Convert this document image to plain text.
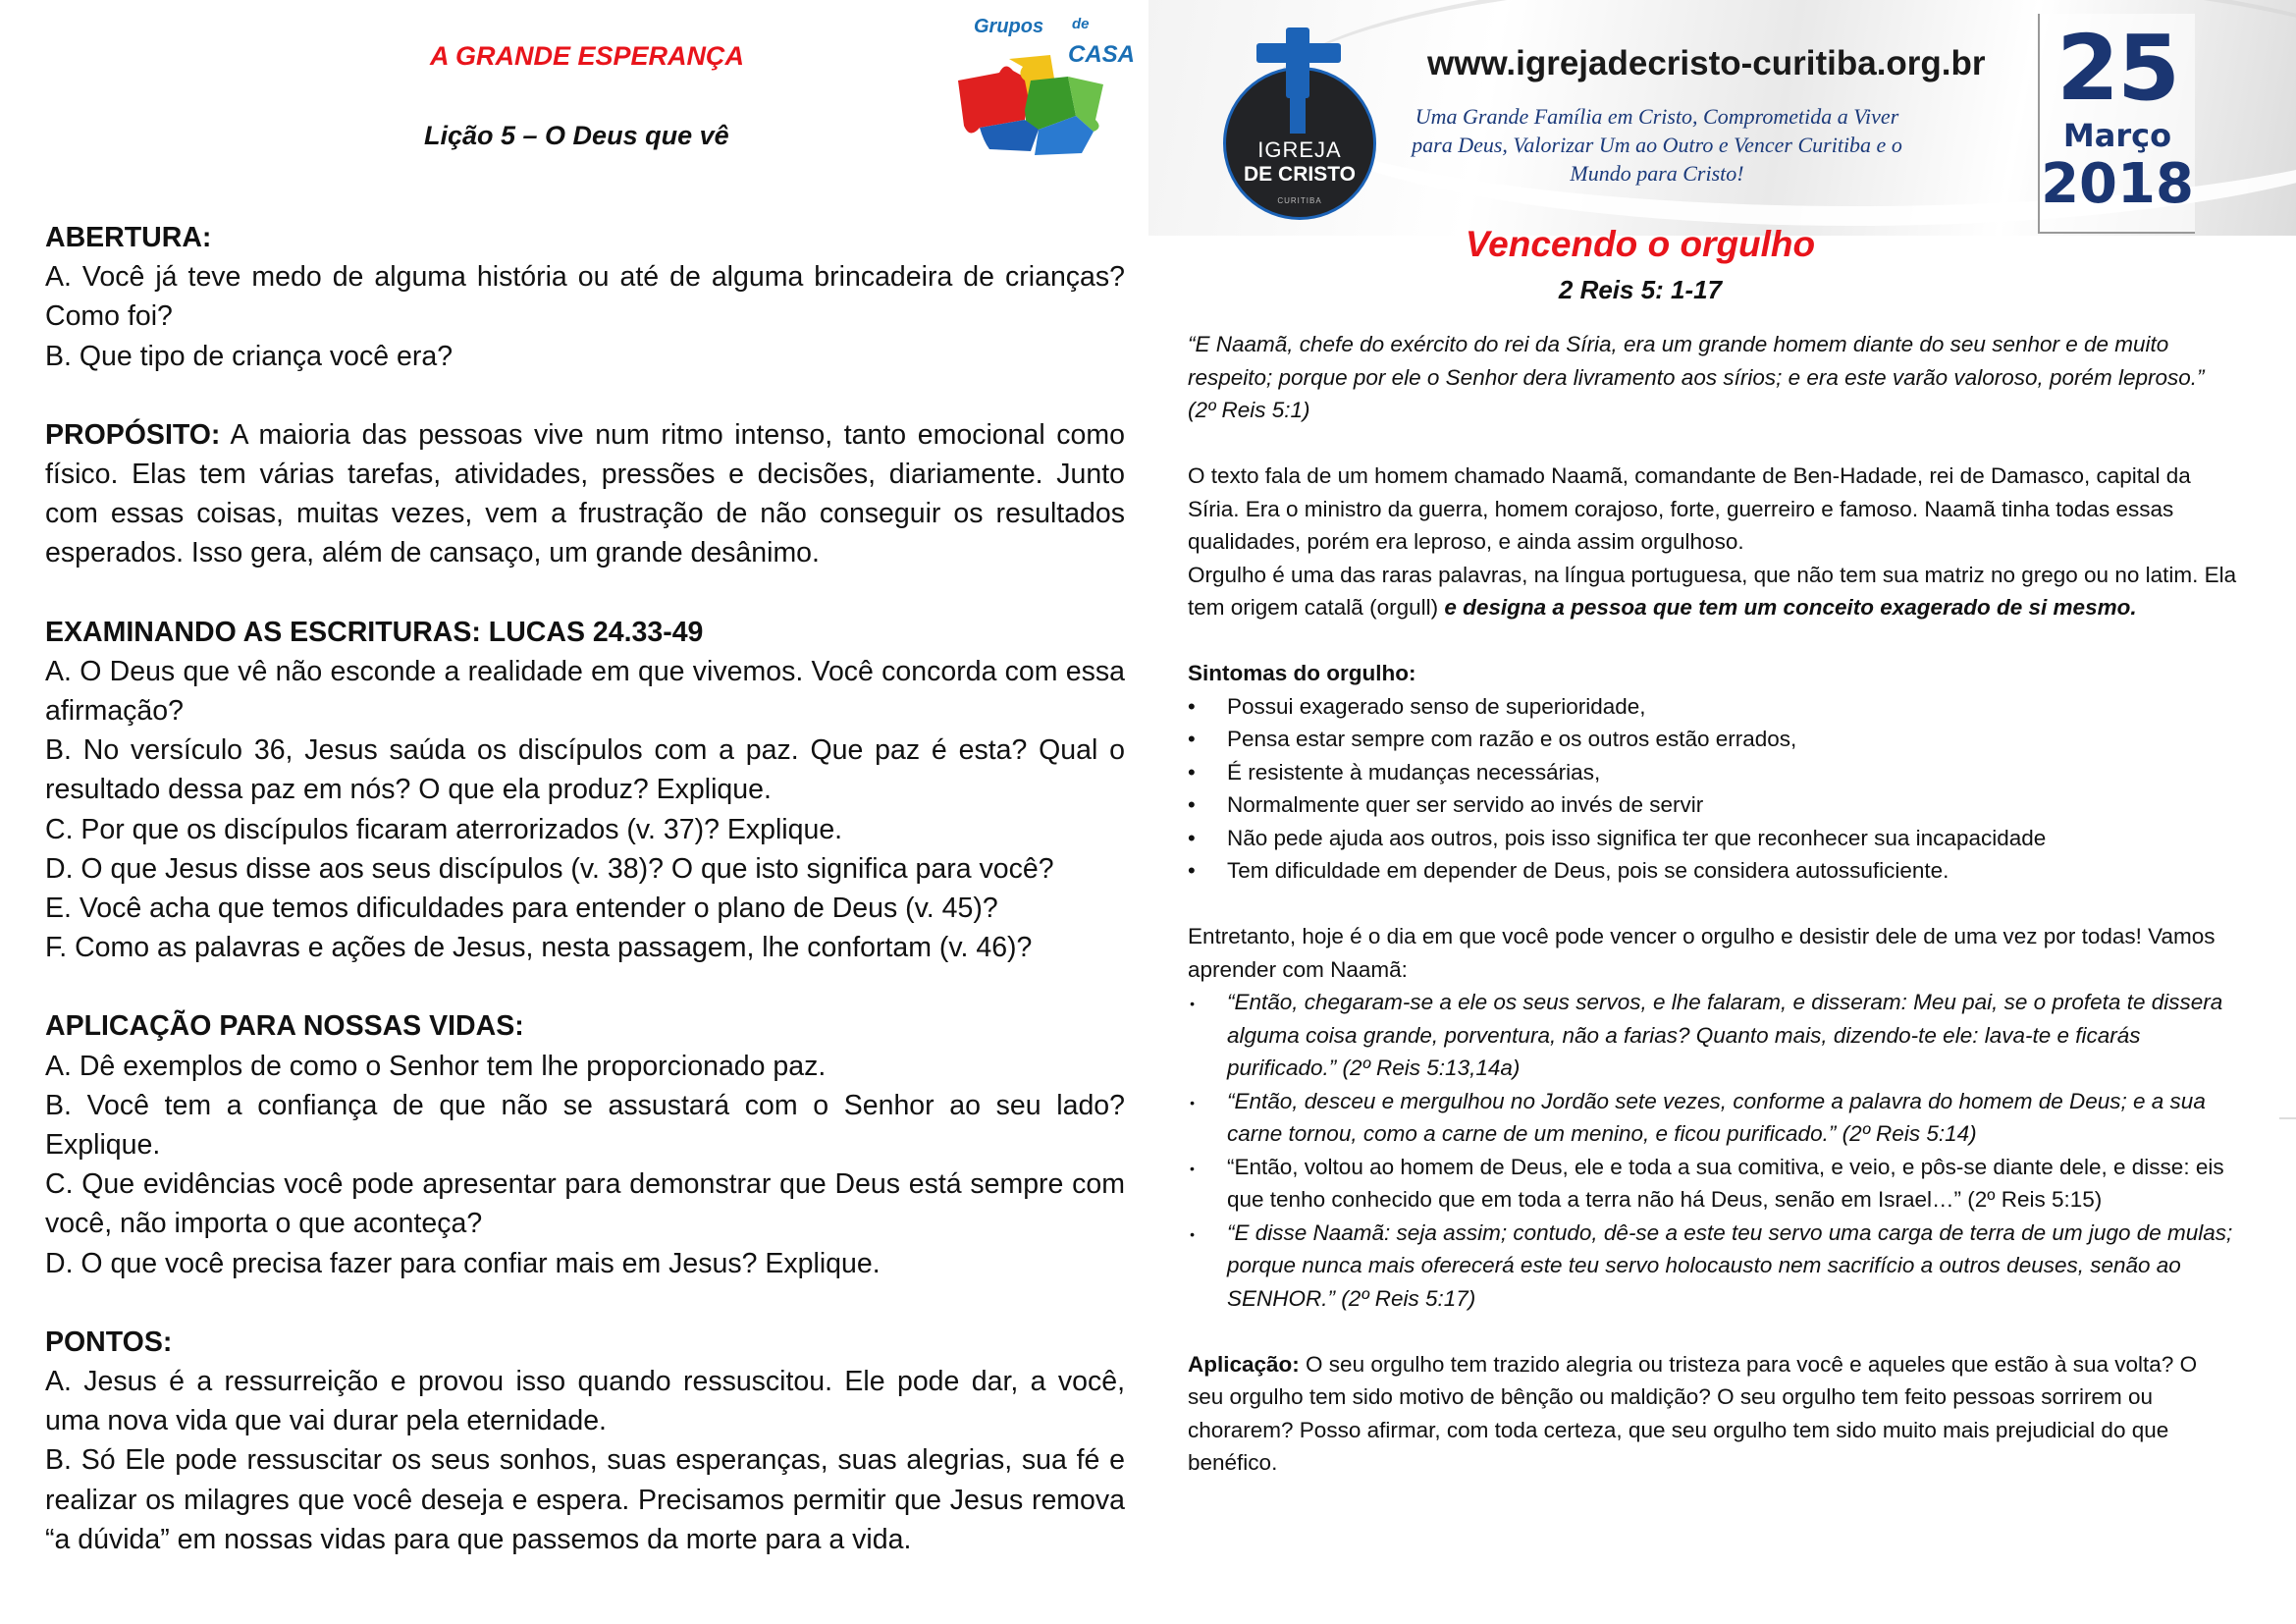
A GRANDE ESPERANÇA
Lição 5 – O Deus que vê
Grupos de
CASA
ABERTURA:

A. Você já teve medo de alguma história ou até de alguma brincadeira de crianças? Como foi?

B. Que tipo de criança você era?

PROPÓSITO: A maioria das pessoas vive num ritmo intenso, tanto emocional como físico. Elas tem várias tarefas, atividades, pressões e decisões, diariamente. Junto com essas coisas, muitas vezes, vem a frustração de não conseguir os resultados esperados. Isso gera, além de cansaço, um grande desânimo.

EXAMINANDO AS ESCRITURAS: LUCAS 24.33-49

A. O Deus que vê não esconde a realidade em que vivemos. Você concorda com essa afirmação?

B. No versículo 36, Jesus saúda os discípulos com a paz. Que paz é esta? Qual o resultado dessa paz em nós? O que ela produz? Explique.

C. Por que os discípulos ficaram aterrorizados (v. 37)? Explique.

D. O que Jesus disse aos seus discípulos (v. 38)? O que isto significa para você?

E. Você acha que temos dificuldades para entender o plano de Deus (v. 45)?

F. Como as palavras e ações de Jesus, nesta passagem, lhe confortam (v. 46)?

APLICAÇÃO PARA NOSSAS VIDAS:

A. Dê exemplos de como o Senhor tem lhe proporcionado paz.

B. Você tem a confiança de que não se assustará com o Senhor ao seu lado? Explique.

C. Que evidências você pode apresentar para demonstrar que Deus está sempre com você, não importa o que aconteça?

D. O que você precisa fazer para confiar mais em Jesus? Explique.

PONTOS:

A. Jesus é a ressurreição e provou isso quando ressuscitou. Ele pode dar, a você, uma nova vida que vai durar pela eternidade.

B. Só Ele pode ressuscitar os seus sonhos, suas esperanças, suas alegrias, sua fé e realizar os milagres que você deseja e espera. Precisamos permitir que Jesus remova “a dúvida” em nossas vidas para que passemos da morte para a vida.

IGREJA
DE CRISTO
CURITIBA
www.igrejadecristo-curitiba.org.br
Uma Grande Família em Cristo, Comprometida a Viver para Deus, Valorizar Um ao Outro e Vencer Curitiba e o Mundo para Cristo!
25
Março
2018
Vencendo o orgulho
2 Reis 5: 1-17

“E Naamã, chefe do exército do rei da Síria, era um grande homem diante do seu senhor e de muito respeito; porque por ele o Senhor dera livramento aos sírios; e era este varão valoroso, porém leproso.” (2º Reis 5:1)

O texto fala de um homem chamado Naamã, comandante de Ben-Hadade, rei de Damasco, capital da Síria. Era o ministro da guerra, homem corajoso, forte, guerreiro e famoso. Naamã tinha todas essas qualidades, porém era leproso, e ainda assim orgulhoso.

Orgulho é uma das raras palavras, na língua portuguesa, que não tem sua matriz no grego ou no latim. Ela tem origem catalã (orgull) e designa a pessoa que tem um conceito exagerado de si mesmo.

Sintomas do orgulho:

• Possui exagerado senso de superioridade,
• Pensa estar sempre com razão e os outros estão errados,
• É resistente à mudanças necessárias,
• Normalmente quer ser servido ao invés de servir
• Não pede ajuda aos outros, pois isso significa ter que reconhecer sua incapacidade
• Tem dificuldade em depender de Deus, pois se considera autossuficiente.

Entretanto, hoje é o dia em que você pode vencer o orgulho e desistir dele de uma vez por todas! Vamos aprender com Naamã:

• “Então, chegaram-se a ele os seus servos, e lhe falaram, e disseram: Meu pai, se o profeta te dissera alguma coisa grande, porventura, não a farias? Quanto mais, dizendo-te ele: lava-te e ficarás purificado.” (2º Reis 5:13,14a)
• “Então, desceu e mergulhou no Jordão sete vezes, conforme a palavra do homem de Deus; e a sua carne tornou, como a carne de um menino, e ficou purificado.” (2º Reis 5:14)
• “Então, voltou ao homem de Deus, ele e toda a sua comitiva, e veio, e pôs-se diante dele, e disse: eis que tenho conhecido que em toda a terra não há Deus, senão em Israel…” (2º Reis 5:15)
• “E disse Naamã: seja assim; contudo, dê-se a este teu servo uma carga de terra de um jugo de mulas; porque nunca mais oferecerá este teu servo holocausto nem sacrifício a outros deuses, senão ao SENHOR.” (2º Reis 5:17)

Aplicação: O seu orgulho tem trazido alegria ou tristeza para você e aqueles que estão à sua volta? O seu orgulho tem sido motivo de bênção ou maldição? O seu orgulho tem feito pessoas sorrirem ou chorarem? Posso afirmar, com toda certeza, que seu orgulho tem sido muito mais prejudicial do que benéfico.
